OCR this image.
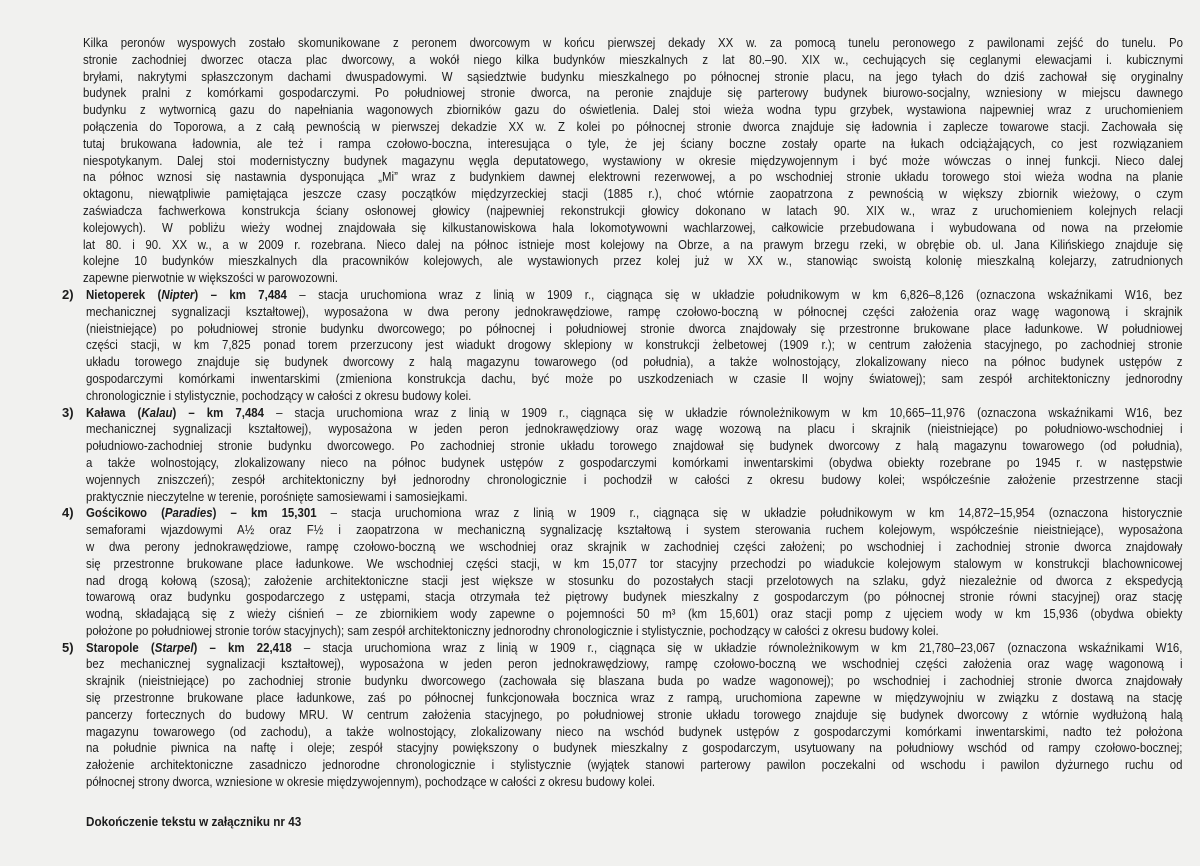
Kilka peronów wyspowych zostało skomunikowane z peronem dworcowym w końcu pierwszej dekady XX w. za pomocą tunelu peronowego z pawilonami zejść do tunelu. Po
stronie zachodniej dworzec otacza plac dworcowy, a wokół niego kilka budynków mieszkalnych z lat 80.–90. XIX w., cechujących się ceglanymi elewacjami i. kubicznymi
bryłami, nakrytymi spłaszczonym dachami dwuspadowymi. W sąsiedztwie budynku mieszkalnego po północnej stronie placu, na jego tyłach do dziś zachował się oryginalny
budynek pralni z komórkami gospodarczymi. Po południowej stronie dworca, na peronie znajduje się parterowy budynek biurowo-socjalny, wzniesiony w miejscu dawnego
budynku z wytwornicą gazu do napełniania wagonowych zbiorników gazu do oświetlenia. Dalej stoi wieża wodna typu grzybek, wystawiona najpewniej wraz z uruchomieniem
połączenia do Toporowa, a z całą pewnością w pierwszej dekadzie XX w. Z kolei po północnej stronie dworca znajduje się ładownia i zaplecze towarowe stacji. Zachowała się
tutaj brukowana ładownia, ale też i rampa czołowo-boczna, interesująca o tyle, że jej ściany boczne zostały oparte na łukach odciążających, co jest rozwiązaniem
niespotykanym. Dalej stoi modernistyczny budynek magazynu węgla deputatowego, wystawiony w okresie międzywojennym i być może wówczas o innej funkcji. Nieco dalej
na północ wznosi się nastawnia dysponująca „Mi” wraz z budynkiem dawnej elektrowni rezerwowej, a po wschodniej stronie układu torowego stoi wieża wodna na planie
oktagonu, niewątpliwie pamiętająca jeszcze czasy początków międzyrzeckiej stacji (1885 r.), choć wtórnie zaopatrzona z pewnością w większy zbiornik wieżowy, o czym
zaświadcza fachwerkowa konstrukcja ściany osłonowej głowicy (najpewniej rekonstrukcji głowicy dokonano w latach 90. XIX w., wraz z uruchomieniem kolejnych relacji
kolejowych). W pobliżu wieży wodnej znajdowała się kilkustanowiskowa hala lokomotywowni wachlarzowej, całkowicie przebudowana i wybudowana od nowa na przełomie
lat 80. i 90. XX w., a w 2009 r. rozebrana. Nieco dalej na północ istnieje most kolejowy na Obrze, a na prawym brzegu rzeki, w obrębie ob. ul. Jana Kilińskiego znajduje się
kolejne 10 budynków mieszkalnych dla pracowników kolejowych, ale wystawionych przez kolej już w XX w., stanowiąc swoistą kolonię mieszkalną kolejarzy, zatrudnionych
zapewne pierwotnie w większości w parowozowni.
2) Nietoperek (Nipter) – km 7,484 – stacja uruchomiona wraz z linią w 1909 r., ciągnąca się w układzie południkowym w km 6,826–8,126 (oznaczona wskaźnikami W16, bez
mechanicznej sygnalizacji kształtowej), wyposażona w dwa perony jednokrawędziowe, rampę czołowo-boczną w północnej części założenia oraz wagę wagonową i skrajnik
(nieistniejące) po południowej stronie budynku dworcowego; po północnej i południowej stronie dworca znajdowały się przestronne brukowane place ładunkowe. W południowej
części stacji, w km 7,825 ponad torem przerzucony jest wiadukt drogowy sklepiony w konstrukcji żelbetowej (1909 r.); w centrum założenia stacyjnego, po zachodniej stronie
układu torowego znajduje się budynek dworcowy z halą magazynu towarowego (od południa), a także wolnostojący, zlokalizowany nieco na północ budynek ustępów z
gospodarczymi komórkami inwentarskimi (zmieniona konstrukcja dachu, być może po uszkodzeniach w czasie II wojny światowej); sam zespół architektoniczny jednorodny
chronologicznie i stylistycznie, pochodzący w całości z okresu budowy kolei.
3) Kaława (Kalau) – km 7,484 – stacja uruchomiona wraz z linią w 1909 r., ciągnąca się w układzie równoleżnikowym w km 10,665–11,976 (oznaczona wskaźnikami W16, bez
mechanicznej sygnalizacji kształtowej), wyposażona w jeden peron jednokrawędziowy oraz wagę wozową na placu i skrajnik (nieistniejące) po południowo-wschodniej i
południowo-zachodniej stronie budynku dworcowego. Po zachodniej stronie układu torowego znajdował się budynek dworcowy z halą magazynu towarowego (od południa),
a także wolnostojący, zlokalizowany nieco na północ budynek ustępów z gospodarczymi komórkami inwentarskimi (obydwa obiekty rozebrane po 1945 r. w następstwie
wojennych zniszczeń); zespół architektoniczny był jednorodny chronologicznie i pochodził w całości z okresu budowy kolei; współcześnie założenie przestrzenne stacji
praktycznie nieczytelne w terenie, porośnięte samosiewami i samosiejkami.
4) Gościkowo (Paradies) – km 15,301 – stacja uruchomiona wraz z linią w 1909 r., ciągnąca się w układzie południkowym w km 14,872–15,954 (oznaczona historycznie
semaforami wjazdowymi A½ oraz F½ i zaopatrzona w mechaniczną sygnalizację kształtową i system sterowania ruchem kolejowym, współcześnie nieistniejące), wyposażona
w dwa perony jednokrawędziowe, rampę czołowo-boczną we wschodniej oraz skrajnik w zachodniej części założeni; po wschodniej i zachodniej stronie dworca znajdowały
się przestronne brukowane place ładunkowe. We wschodniej części stacji, w km 15,077 tor stacyjny przechodzi po wiadukcie kolejowym stalowym w konstrukcji blachownicowej
nad drogą kołową (szosą); założenie architektoniczne stacji jest większe w stosunku do pozostałych stacji przelotowych na szlaku, gdyż niezależnie od dworca z ekspedycją
towarową oraz budynku gospodarczego z ustępami, stacja otrzymała też piętrowy budynek mieszkalny z gospodarczym (po północnej stronie równi stacyjnej) oraz stację
wodną, składającą się z wieży ciśnień – ze zbiornikiem wody zapewne o pojemności 50 m³ (km 15,601) oraz stacji pomp z ujęciem wody w km 15,936 (obydwa obiekty
położone po południowej stronie torów stacyjnych); sam zespół architektoniczny jednorodny chronologicznie i stylistycznie, pochodzący w całości z okresu budowy kolei.
5) Staropole (Starpel) – km 22,418 – stacja uruchomiona wraz z linią w 1909 r., ciągnąca się w układzie równoleżnikowym w km 21,780–23,067 (oznaczona wskaźnikami W16,
bez mechanicznej sygnalizacji kształtowej), wyposażona w jeden peron jednokrawędziowy, rampę czołowo-boczną we wschodniej części założenia oraz wagę wagonową i
skrajnik (nieistniejące) po zachodniej stronie budynku dworcowego (zachowała się blaszana buda po wadze wagonowej); po wschodniej i zachodniej stronie dworca znajdowały
się przestronne brukowane place ładunkowe, zaś po północnej funkcjonowała bocznica wraz z rampą, uruchomiona zapewne w międzywojniu w związku z dostawą na stację
pancerzy fortecznych do budowy MRU. W centrum założenia stacyjnego, po południowej stronie układu torowego znajduje się budynek dworcowy z wtórnie wydłużoną halą
magazynu towarowego (od zachodu), a także wolnostojący, zlokalizowany nieco na wschód budynek ustępów z gospodarczymi komórkami inwentarskimi, nadto też położona
na południe piwnica na naftę i oleje; zespół stacyjny powiększony o budynek mieszkalny z gospodarczym, usytuowany na południowy wschód od rampy czołowo-bocznej;
założenie architektoniczne zasadniczo jednorodne chronologicznie i stylistycznie (wyjątek stanowi parterowy pawilon poczekalni od wschodu i pawilon dyżurnego ruchu od
północnej strony dworca, wzniesione w okresie międzywojennym), pochodzące w całości z okresu budowy kolei.
Dokończenie tekstu w załączniku nr 43
